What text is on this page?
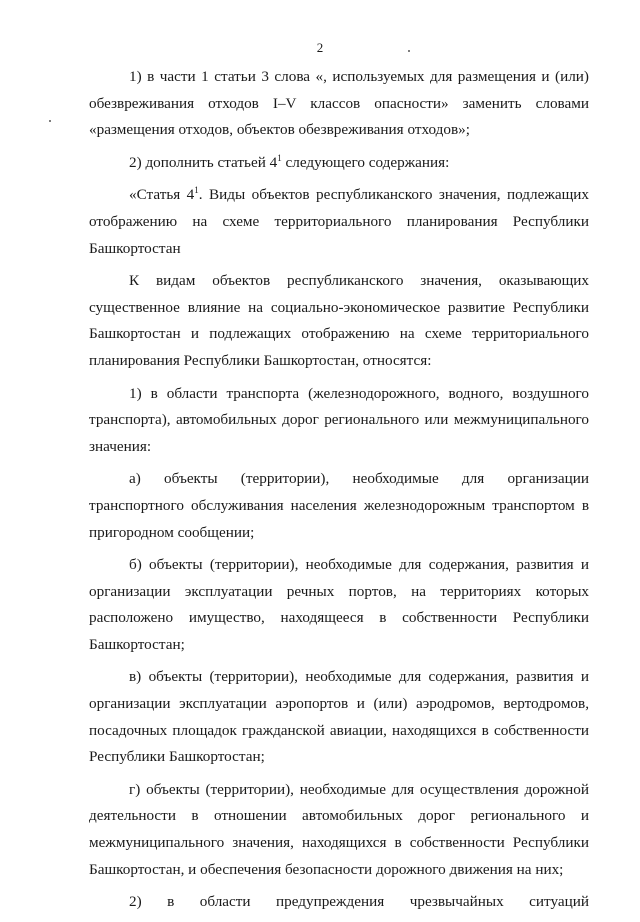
2

1) в части 1 статьи 3 слова «, используемых для размещения и (или) обезвреживания отходов I–V классов опасности» заменить словами «размещения отходов, объектов обезвреживания отходов»;

2) дополнить статьей $4^1$ следующего содержания:

«Статья $4^1$. Виды объектов республиканского значения, подлежащих отображению на схеме территориального планирования Республики Башкортостан

К видам объектов республиканского значения, оказывающих существенное влияние на социально-экономическое развитие Республики Башкортостан и подлежащих отображению на схеме территориального планирования Республики Башкортостан, относятся:

1) в области транспорта (железнодорожного, водного, воздушного транспорта), автомобильных дорог регионального или межмуниципального значения:

а) объекты (территории), необходимые для организации транспортного обслуживания населения железнодорожным транспортом в пригородном сообщении;

б) объекты (территории), необходимые для содержания, развития и организации эксплуатации речных портов, на территориях которых расположено имущество, находящееся в собственности Республики Башкортостан;

в) объекты (территории), необходимые для содержания, развития и организации эксплуатации аэропортов и (или) аэродромов, вертодромов, посадочных площадок гражданской авиации, находящихся в собственности Республики Башкортостан;

г) объекты (территории), необходимые для осуществления дорожной деятельности в отношении автомобильных дорог регионального и межмуниципального значения, находящихся в собственности Республики Башкортостан, и обеспечения безопасности дорожного движения на них;

2) в области предупреждения чрезвычайных ситуаций
